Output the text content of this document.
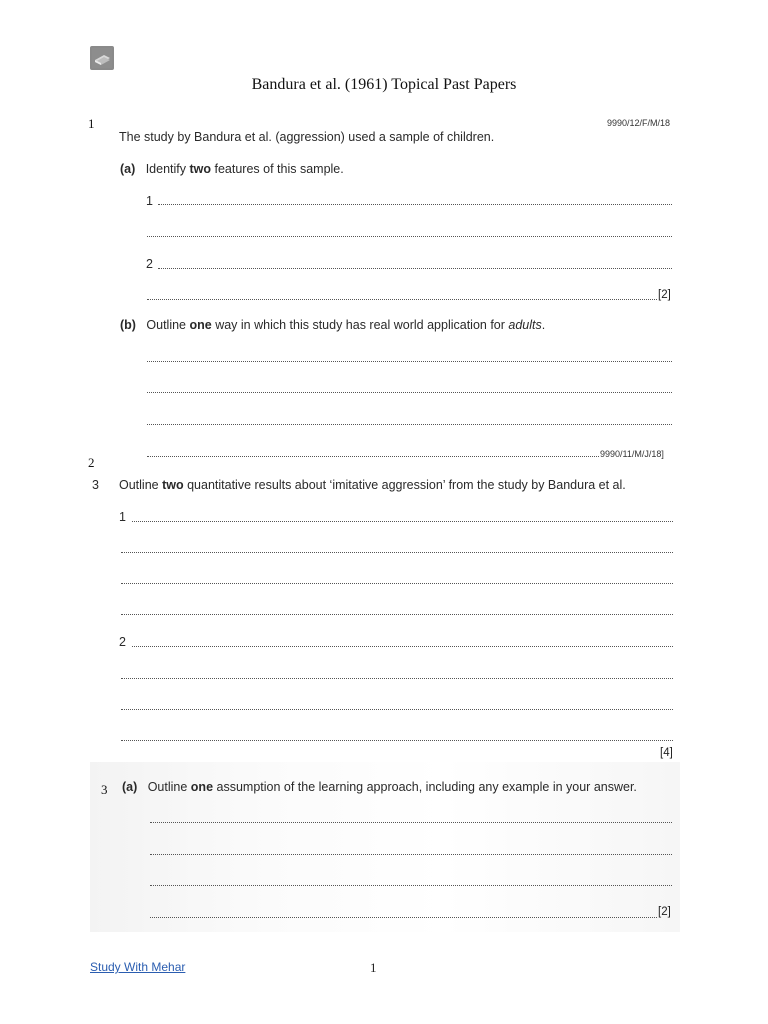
Bandura et al. (1961) Topical Past Papers
1	9990/12/F/M/18
The study by Bandura et al. (aggression) used a sample of children.
(a) Identify two features of this sample.
1
2
[2]
(b) Outline one way in which this study has real world application for adults.
9990/11/M/J/18]
2
3 Outline two quantitative results about ‘imitative aggression’ from the study by Bandura et al.
1
2
[4]
3 (a) Outline one assumption of the learning approach, including any example in your answer.
[2]
Study With Mehar	1
